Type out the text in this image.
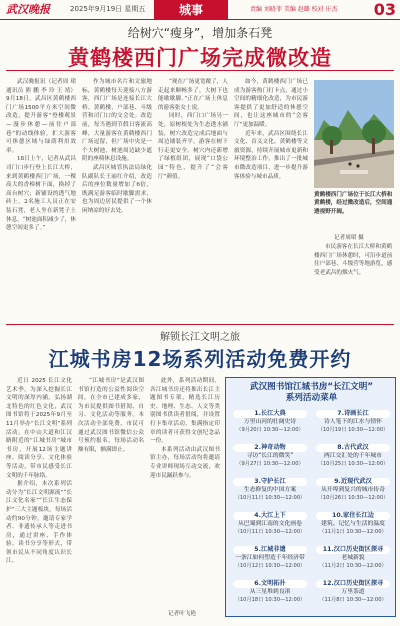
武汉晚报	2025年9月19日 星期五	城事	责编 刘晓菲 美编 赵璐 校对 庄杰 03
给树穴“瘦身”，增加条石凳
黄鹤楼西门广场完成微改造

武汉晚报讯（记者周 珺 通讯员 熊 鹏 李 玲 王 靖）9月18日，武昌区黄鹤楼西门广场1500平方米空间微改造，提升游客“登楼观景—漫步休憩—前往户部巷”的动线体验，扩大游客可休憩区域与绿荫利用效率。

18日上午，记者从武昌司门口步行登上长江大桥，来到黄鹤楼西门广场，一棵高大的香樟树下面，换掉了高台树穴；新铺设的透气地砖上，2名施工人员正在安装石凳，老人坐在新凳子上休息。“树池面积减少了，休憩空间更多了。”

作为城市名片和文旅地标，黄鹤楼每天迎接八方游客，西门广场是连接长江大桥、黄鹤楼、户部巷、斗级营和司门口的交会处。改造前，每当遇到节假日客流高峰，大量游客在黄鹤楼西门广场逗留，但广场中央是一个大树池，树池周边缺少遮阴的座椅休息设施。

武昌区城管执法局绿化队副队长王丽红介绍，改造后的座位数量增加了6倍，既满足游客临时歇脚需求，也为周边居民提供了一个休闲纳凉的好去处。

“现在广场更宽敞了，人走起来顺畅多了，大树下也能歇歇脚。”正在广场上休息的游客张女士说。

同时，西门口广场另一处，原树根处为生态透水铺装，树穴改造完成后地面与周边铺装齐平，游客在树下行走更安全。树穴内还新增了绿植组团，展现“口袋公园”特色，提升了“会客厅”颜值。

如今，黄鹤楼西门广场已成为游客热门打卡点，通过小空间的精细化改造，为市民游客提供了更加舒适的休憩空间，也让这座城市的“会客厅”更加温暖。

近年来，武昌区围绕长江文化、首义文化、黄鹤楼等文旅资源，持续开展城市更新和环境整治工作，推出了一批城市微改造项目，进一步提升游客体验与城市品质。

黄鹤楼西门广场位于长江大桥和黄鹤楼，经过微改造后，空间通透视野开阔。
记者周珺 摄
市民游客在长江大桥和黄鹤楼西门广场休憩时，可沿步道前往户部巷、斗级营等地游览，感受老武昌的烟火气。
解锁长江文明之旅
江城书房12场系列活动免费开约

近日 2025 长江文化艺术季，为深入挖掘长江文明的深厚内涵，弘扬湖北特色的红色文化，武汉图书馆将于2025年9月至11月举办“长江文明”系列活动。在中山大道和江汉路附近的“江城书房”城市书房，开展12场主题讲座、阅读分享、文化体验等活动，带市民感受长江文明的千年脉络。

据介绍，本次系列活动分为“长江文明源流”“长江文化名家”“长江生态保护”三大主题板块，每场活动约90分钟，邀请专家学者、非遗传承人等走进书房，通过讲座、手作体验、读书分享等形式，带领市民从不同角度认识长江。

“江城书房”是武汉图书馆打造的公益性阅读空间，在全市已建成多家，为市民提供图书借阅、自习、文化活动等服务。本次活动全部免费，市民可通过武汉图书馆微信公众号预约报名，每场活动名额有限，额满即止。

此外，系列活动期间，各江城书房还将推出长江主题图书专架，精选长江历史、地理、生态、人文等类别图书供读者借阅，并设置打卡集章活动，集满指定印章的读者可获得文创纪念品一份。

本系列活动由武汉图书馆主办，每场活动均将邀请专业讲师现场互动交流，欢迎市民踊跃参与。

记者叶飞艳
武汉图书馆江城书房“长江文明”
系列活动菜单
1.长江大典
万里山河的壮阔史诗
（9月20日 10:30—12:00）
7.诗画长江
诗人笔下的江水与情怀
（10月19日 10:30—12:00）
2.神奇动物
寻访“长江的微笑”
（9月27日 10:30—12:00）
8.古代武汉
两江交汇处的千年城市
（10月25日 10:30—12:00）
3.守护长江
生态修复的中国方案
（10月11日 10:30—12:00）
9.近现代武汉
从开埠到复兴的城市传奇
（10月26日 10:30—12:00）
4.大江上下
从巴蜀到江南的文化画卷
（10月11日 10:30—12:00）
10.家住长江边
建筑、记忆与生活的温度
（11月1日 10:30—12:00）
5.江城非遗
一条江如何塑造千年经济带
（10月12日 10:30—12:00）
11.汉口历史街区探寻
老城新貌
（11月2日 10:30—12:00）
6.文明拓扑
从三星堆到良渚
（10月18日 10:30—12:00）
12.汉口历史街区探寻
万里茶道
（11月8日 10:30—12:00）
